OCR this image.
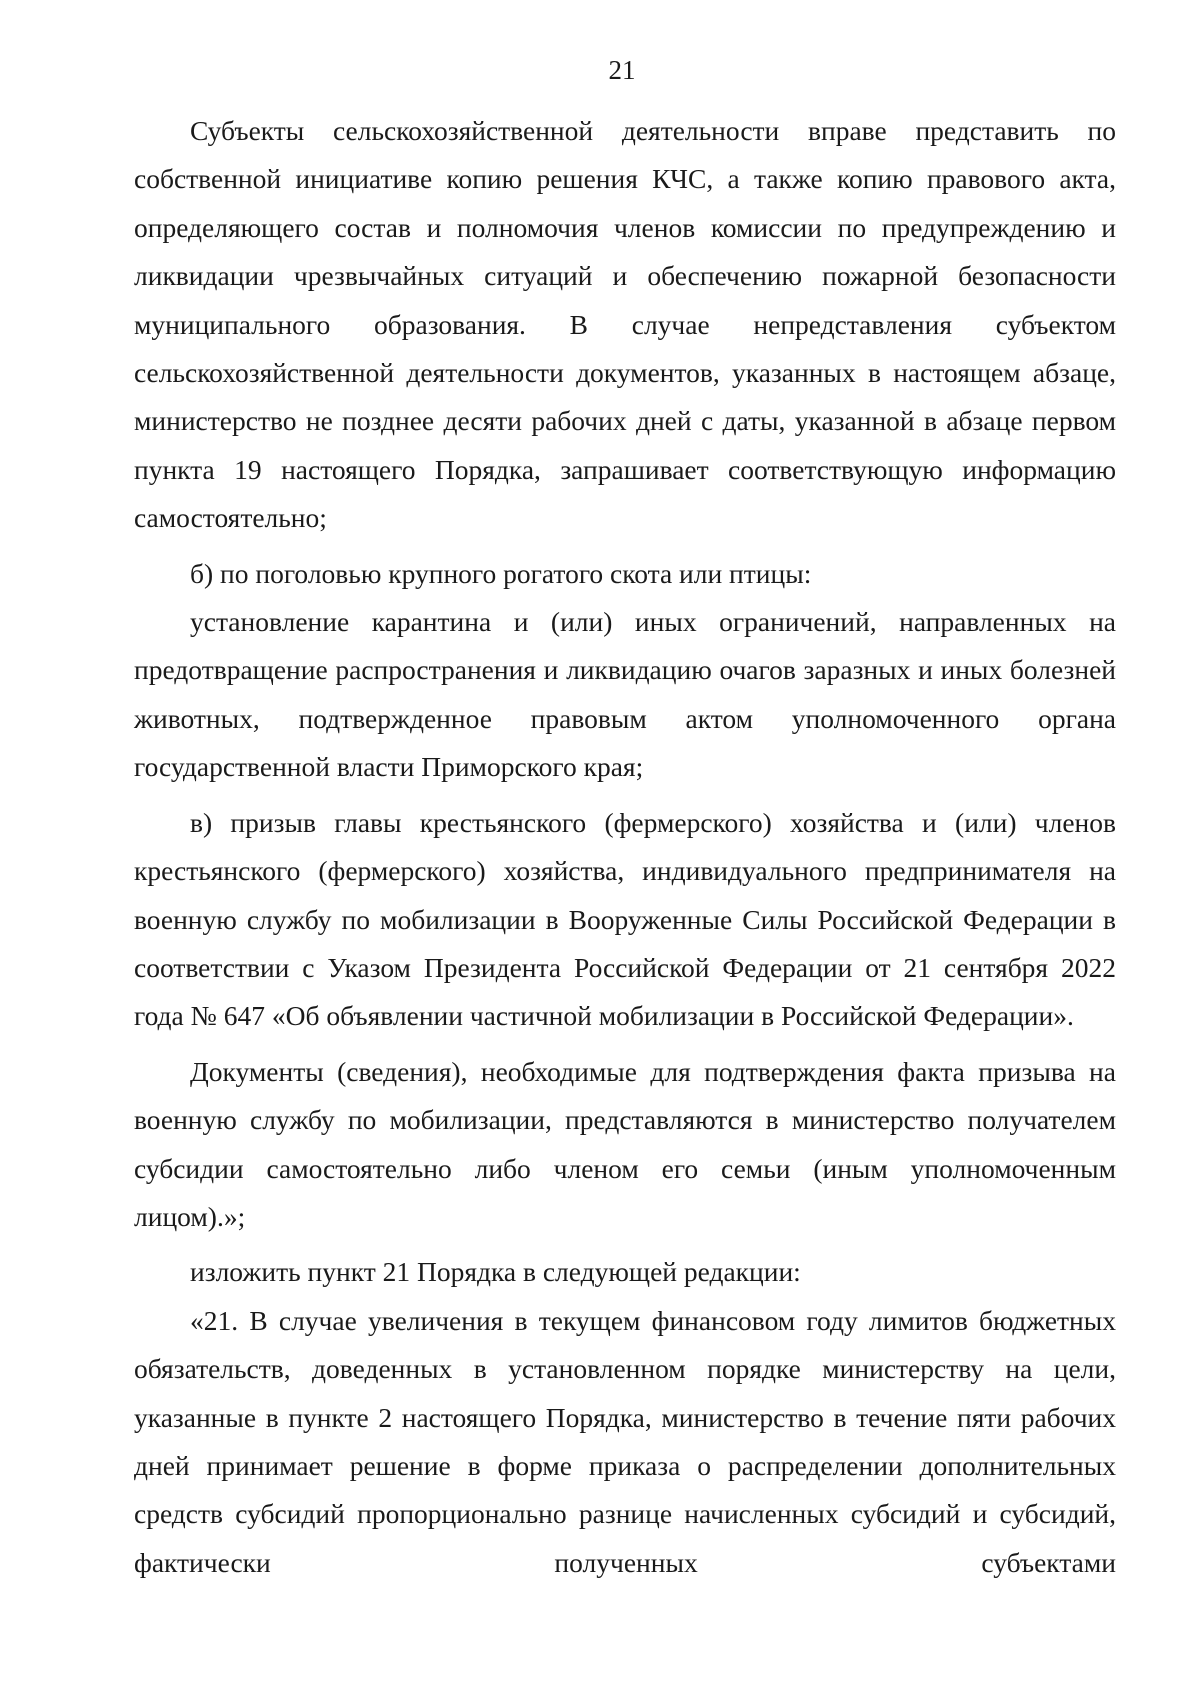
21

Субъекты сельскохозяйственной деятельности вправе представить по собственной инициативе копию решения КЧС, а также копию правового акта, определяющего состав и полномочия членов комиссии по предупреждению и ликвидации чрезвычайных ситуаций и обеспечению пожарной безопасности муниципального образования. В случае непредставления субъектом сельскохозяйственной деятельности документов, указанных в настоящем абзаце, министерство не позднее десяти рабочих дней с даты, указанной в абзаце первом пункта 19 настоящего Порядка, запрашивает соответствующую информацию самостоятельно;

б) по поголовью крупного рогатого скота или птицы:

установление карантина и (или) иных ограничений, направленных на предотвращение распространения и ликвидацию очагов заразных и иных болезней животных, подтвержденное правовым актом уполномоченного органа государственной власти Приморского края;

в) призыв главы крестьянского (фермерского) хозяйства и (или) членов крестьянского (фермерского) хозяйства, индивидуального предпринимателя на военную службу по мобилизации в Вооруженные Силы Российской Федерации в соответствии с Указом Президента Российской Федерации от 21 сентября 2022 года № 647 «Об объявлении частичной мобилизации в Российской Федерации».

Документы (сведения), необходимые для подтверждения факта призыва на военную службу по мобилизации, представляются в министерство получателем субсидии самостоятельно либо членом его семьи (иным уполномоченным лицом).»;

изложить пункт 21 Порядка в следующей редакции:

«21. В случае увеличения в текущем финансовом году лимитов бюджетных обязательств, доведенных в установленном порядке министерству на цели, указанные в пункте 2 настоящего Порядка, министерство в течение пяти рабочих дней принимает решение в форме приказа о распределении дополнительных средств субсидий пропорционально разнице начисленных субсидий и субсидий, фактически полученных субъектами
